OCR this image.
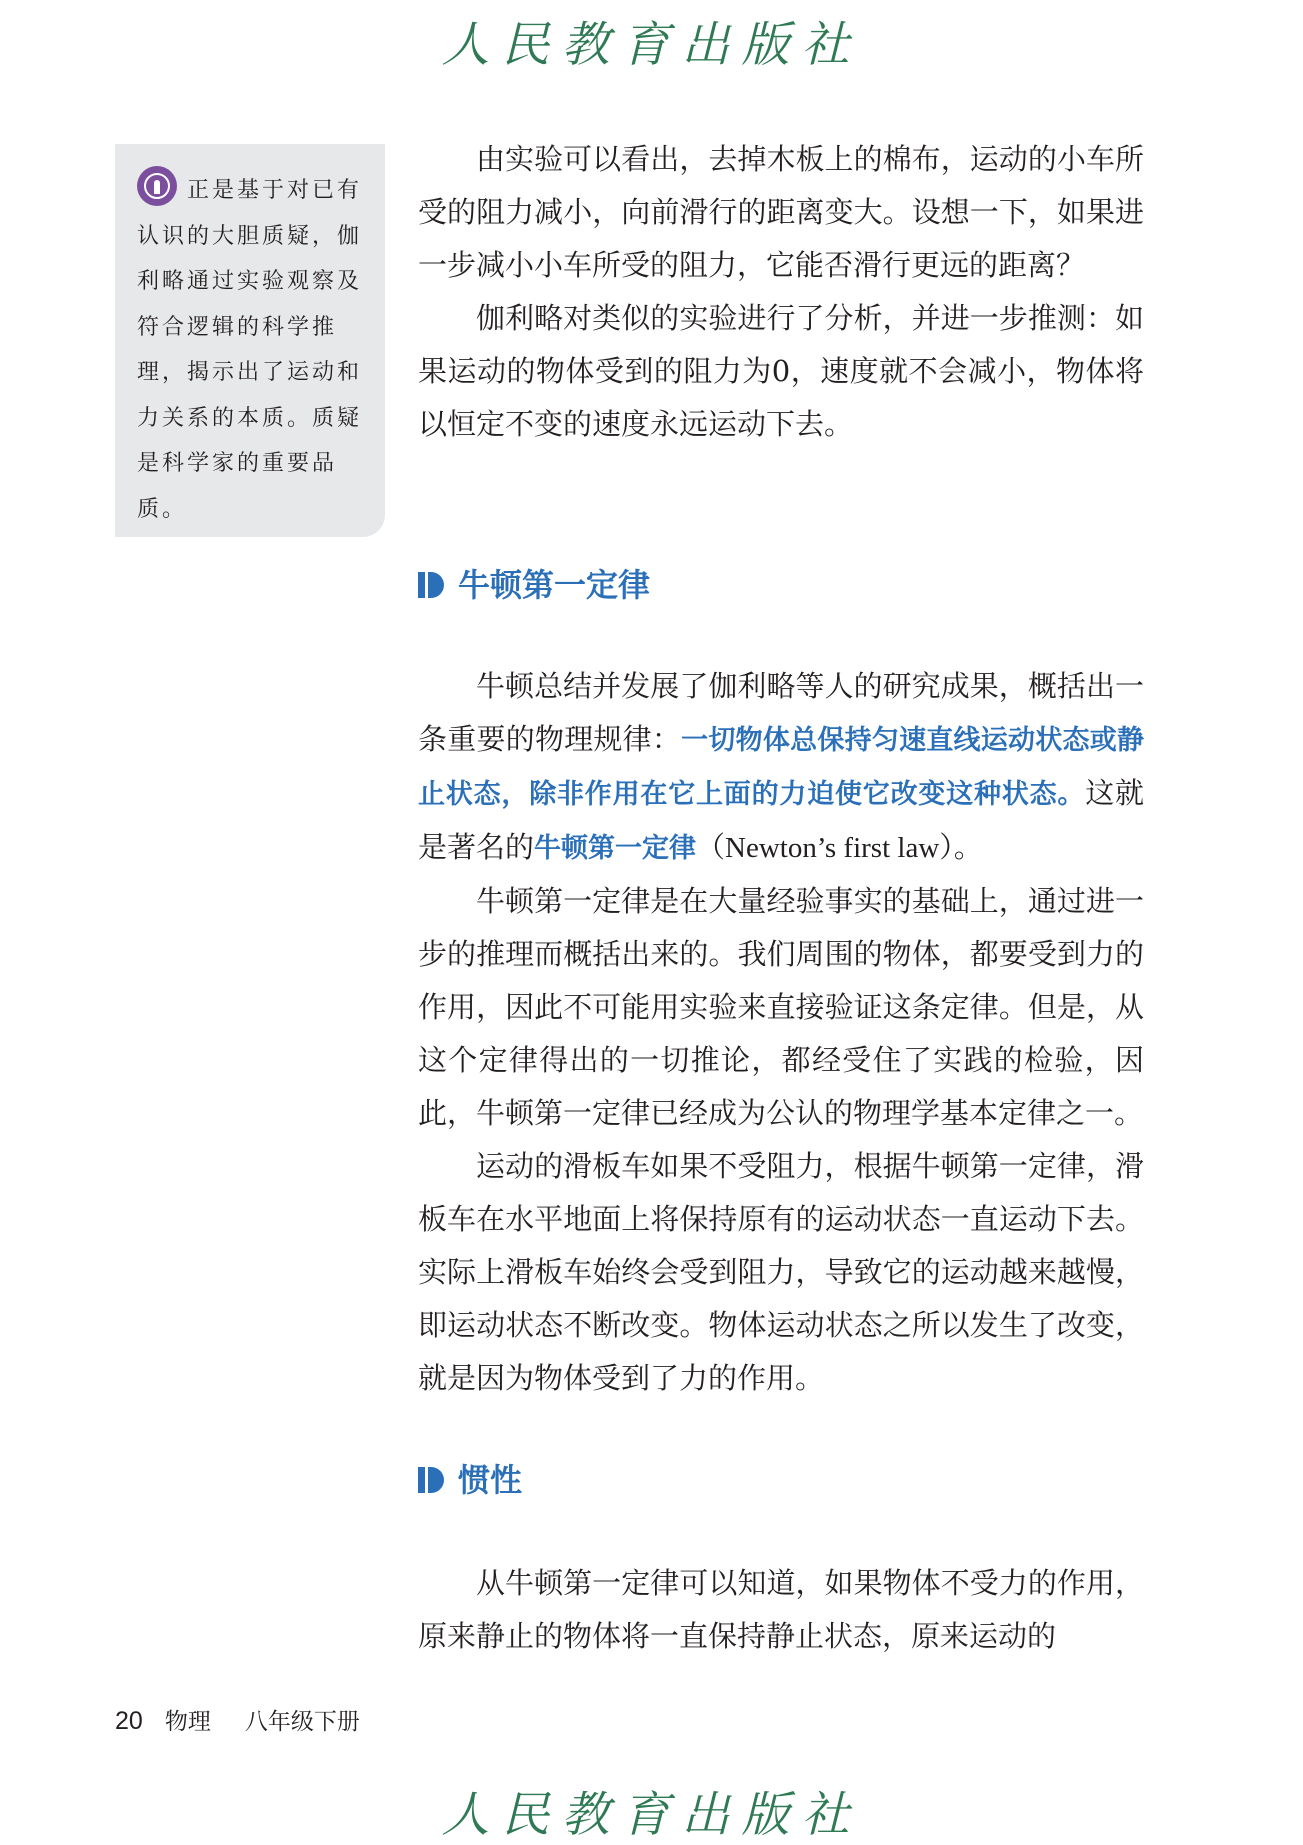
人民教育出版社
正是基于对已有认识的大胆质疑，伽利略通过实验观察及符合逻辑的科学推理，揭示出了运动和力关系的本质。质疑是科学家的重要品质。

由实验可以看出，去掉木板上的棉布，运动的小车所受的阻力减小，向前滑行的距离变大。设想一下，如果进一步减小小车所受的阻力，它能否滑行更远的距离？

伽利略对类似的实验进行了分析，并进一步推测：如果运动的物体受到的阻力为0，速度就不会减小，物体将以恒定不变的速度永远运动下去。

牛顿第一定律

牛顿总结并发展了伽利略等人的研究成果，概括出一条重要的物理规律：一切物体总保持匀速直线运动状态或静止状态，除非作用在它上面的力迫使它改变这种状态。这就是著名的牛顿第一定律（Newton’s first law）。

牛顿第一定律是在大量经验事实的基础上，通过进一步的推理而概括出来的。我们周围的物体，都要受到力的作用，因此不可能用实验来直接验证这条定律。但是，从这个定律得出的一切推论，都经受住了实践的检验，因此，牛顿第一定律已经成为公认的物理学基本定律之一。

运动的滑板车如果不受阻力，根据牛顿第一定律，滑板车在水平地面上将保持原有的运动状态一直运动下去。实际上滑板车始终会受到阻力，导致它的运动越来越慢，即运动状态不断改变。物体运动状态之所以发生了改变，就是因为物体受到了力的作用。

惯性

从牛顿第一定律可以知道，如果物体不受力的作用，原来静止的物体将一直保持静止状态，原来运动的

20 物理 八年级下册
人民教育出版社
